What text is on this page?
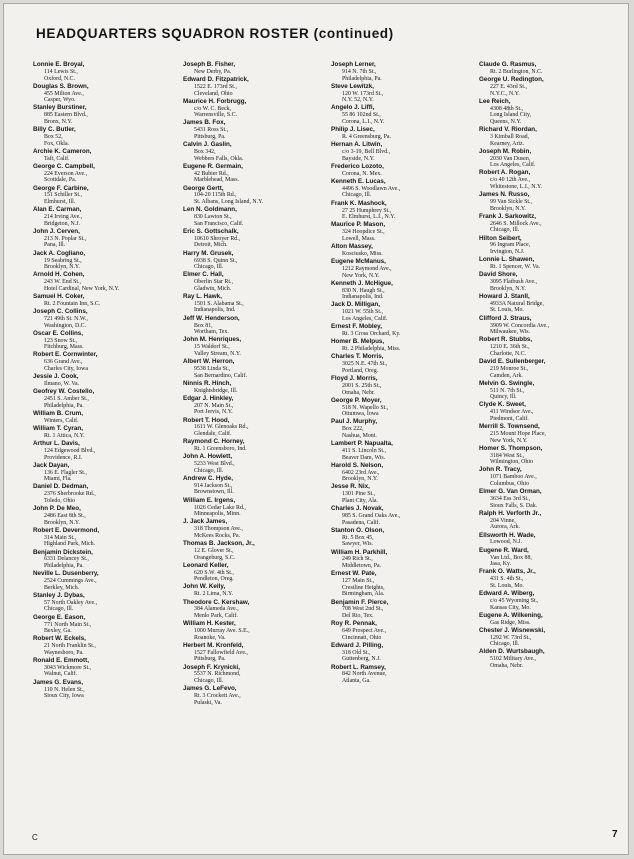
HEADQUARTERS SQUADRON ROSTER (continued)
Lonnie E. Broyal,
114 Lewis St.,
Oxford, N.C.
Douglas S. Brown,
455 Milton Ave.,
Casper, Wyo.
Stanley Burstiner,
885 Eastern Blvd.,
Bronx, N.Y.
Billy C. Butler,
Box 52,
Fox, Okla.
Archie K. Cameron,
Taft, Calif.
George C. Campbell,
224 Everson Ave.,
Scottdale, Pa.
George F. Carbine,
151 Schiller St.,
Elmhurst, Ill.
Alan E. Carman,
214 Irving Ave.,
Bridgeton, N.J.
John J. Cerven,
213 N. Poplar St.,
Pana, Ill.
Jack A. Cogliano,
19 Seabring St.,
Brooklyn, N.Y.
Arnold H. Cohen,
243 W. End St.,
Hotel Cardinal, New York, N.Y.
Samuel H. Coker,
Rt. 2 Fountain Inn, S.C.
Joseph C. Collins,
721 49th St. N.W.,
Washington, D.C.
Oscar E. Collins,
123 Snow St.,
Fitchburg, Mass.
Robert E. Cornwinter,
636 Grand Ave.,
Charles City, Iowa
Jessie J. Cook,
Ilmano, W. Va.
Geofrey W. Costello,
2451 S. Amber St.,
Philadelphia, Pa.
William B. Crum,
Winters, Calif.
William T. Cyran,
Rt. 1 Attica, N.Y.
Arthur L. Davis,
124 Edgewood Blvd.,
Providence, R.I.
Jack Dayan,
136 E. Flagler St.,
Miami, Fla.
Daniel D. Dedman,
2376 Sherbrooke Rd.,
Toledo, Ohio
John P. De Meo,
2486 East 8th St.,
Brooklyn, N.Y.
Robert E. Devermond,
314 Main St.,
Highland Park, Mich.
Benjamin Dickstein,
6331 Delancey St.,
Philadelphia, Pa.
Neville L. Dusenberry,
2524 Cummings Ave.,
Berkley, Mich.
Stanley J. Dybas,
57 North Oakley Ave.,
Chicago, Ill.
George E. Eason,
771 North Main St.,
Bexley, Ga.
Robert W. Eckels,
21 North Franklin St.,
Waynesboro, Pa.
Ronald E. Emmott,
3043 Wickmore St.,
Walnut, Calif.
James G. Evans,
110 N. Helen St.,
Sioux City, Iowa
Joseph B. Fisher,
New Derby, Pa.
Edward D. Fitzpatrick,
1522 E. 173rd St.,
Cleveland, Ohio
Maurice H. Forbrugg,
c/o W. C. Beck,
Warrensville, S.C.
James B. Fox,
5431 Ross St.,
Pittsburg, Pa.
Calvin J. Gaslin,
Box 342,
Webbers Falls, Okla.
Eugene R. Germain,
42 Bubier Rd.,
Marblehead, Mass.
George Gertt,
104-20 115th Rd.,
St. Albans, Long Island, N.Y.
Len N. Goldmann,
830 Lawton St.,
San Francisco, Calif.
Eric S. Gottschalk,
10610 Shroyer Rd.,
Detroit, Mich.
Harry M. Grusek,
6938 S. Quinn St.,
Chicago, Ill.
Elmer C. Hall,
Oberlin Star Rt.,
Gladwin, Mich.
Ray L. Hawk,
1501 S. Alabama St.,
Indianapolis, Ind.
Jeff W. Henderson,
Box 81,
Wortham, Tex.
John M. Henriques,
15 Waldorf St.,
Valley Stream, N.Y.
Albert W. Herron,
9538 Linda St.,
San Bernardino, Calif.
Ninnis R. Hinch,
Knightsbridge, Ill.
Edgar J. Hinkley,
207 N. Main St.,
Port Jervis, N.Y.
Robert T. Hood,
1611 W. Glenoaks Rd.,
Glendale, Calif.
Raymond C. Horney,
Rt. 1 Greensboro, Ind.
John A. Howlett,
5233 West Blvd.,
Chicago, Ill.
Andrew C. Hyde,
914 Jackson St.,
Brownstown, Ill.
William E. Irgens,
1026 Cedar Lake Rd.,
Minneapolis, Minn.
J. Jack James,
318 Thompson Ave.,
McKees Rocks, Pa.
Thomas B. Jackson, Jr.,
12 E. Glover St.,
Orangeburg, S.C.
Leonard Keller,
620 S.W. 4th St.,
Pendleton, Oreg.
John W. Kelly,
Rt. 2 Lima, N.Y.
Theodore C. Kershaw,
384 Alameda Ave.,
Menlo Park, Calif.
William H. Kester,
1000 Murray Ave. S.E.,
Roanoke, Va.
Herbert M. Kronfeld,
1527 Fallowfield Ave.,
Pittsburg, Pa.
Joseph F. Krynicki,
5537 N. Richmond,
Chicago, Ill.
James G. LeFevo,
Rt. 3 Crockett Ave.,
Pulaski, Va.
Joseph Lerner,
914 N. 7th St.,
Philadelphia, Pa.
Steve Lewitzk,
120 W. 173rd St.,
N.Y. 52, N.Y.
Angelo J. Liffi,
55 86 102nd St.,
Corona, L.I., N.Y.
Philip J. Lisec,
R. 4 Greensburg, Pa.
Hernan A. Litwin,
c/o 3-19, Bell Blvd.,
Bayside, N.Y.
Frederico Lozoto,
Corona, N. Mex.
Kenneth E. Lucas,
4496 S. Woodlawn Ave.,
Chicago, Ill.
Frank K. Mashock,
27 25 Humphrey St.,
E. Elmhurst, L.I., N.Y.
Maurice P. Mason,
324 Hoopdice St.,
Lowell, Mass.
Alton Massey,
Kosciusko, Miss.
Eugene McManus,
1212 Raymond Ave.,
New York, N.Y.
Kenneth J. McHigue,
830 N. Haugh St.,
Indianapolis, Ind.
Jack D. Milligan,
1021 W. 55th St.,
Los Angeles, Calif.
Ernest F. Mobley,
Rt. 3 Cross Orchard, Ky.
Homer B. Melpus,
Rt. 2 Philadelphia, Miss.
Charles T. Morris,
3025 N.E. 47th St.,
Portland, Oreg.
Floyd J. Morris,
2001 S. 25th St.,
Omaha, Nebr.
George P. Moyer,
518 N. Wapello St.,
Ottumwa, Iowa
Paul J. Murphy,
Box 222,
Nashua, Mont.
Lambert P. Napualta,
411 S. Lincoln St.,
Beaver Dam, Wis.
Harold S. Nelson,
6402 23rd Ave.,
Brooklyn, N.Y.
Jesse R. Nix,
1301 Pine St.,
Plant City, Ala.
Charles J. Novak,
985 S. Grand Oaks Ave.,
Pasadena, Calif.
Stanton O. Olson,
Rt. 5 Box 45,
Sawyer, Wis.
William H. Parkhill,
249 Rich St.,
Middletown, Pa.
Ernest W. Pate,
127 Main St.,
Crestline Heights,
Birmingham, Ala.
Benjamin F. Pierce,
708 West 2nd St.,
Del Rio, Tex.
Roy R. Pennak,
649 Prospect Ave.,
Cincinnati, Ohio
Edward J. Pilling,
318 Old St.,
Guttenberg, N.J.
Robert L. Ramsey,
842 North Avenue,
Atlanta, Ga.
Claude G. Rasmus,
Rt. 2 Burlington, N.C.
George U. Redington,
227 E. 43rd St.,
N.Y.C., N.Y.
Lee Reich,
4308 48th St.,
Long Island City,
Queens, N.Y.
Richard V. Riordan,
3 Kimball Road,
Kearney, Ariz.
Joseph M. Robin,
2030 Van Dusen,
Los Angeles, Calif.
Robert A. Rogan,
c/o 40 12th Ave.,
Whitestone, L.I., N.Y.
James N. Russo,
99 Van Sickle St.,
Brooklyn, N.Y.
Frank J. Sarkowitz,
2646 S. Millock Ave.,
Chicago, Ill.
Hilton Seibert,
96 Ingram Place,
Irvington, N.J.
Lonnie L. Shawen,
Rt. 1 Spencer, W. Va.
David Shore,
3095 Flatbush Ave.,
Brooklyn, N.Y.
Howard J. Stanll,
4933A Natural Bridge,
St. Louis, Mo.
Clifford J. Straus,
3909 W. Concordia Ave.,
Milwaukee, Wis.
Robert R. Stubbs,
1210 E. 36th St.,
Charlotte, N.C.
David E. Sullenberger,
219 Monroe St.,
Camden, Ark.
Melvin G. Swingle,
511 N. 7th St.,
Quincy, Ill.
Clyde K. Sweet,
411 Windsor Ave.,
Piedmont, Calif.
Merrill S. Townsend,
215 Mount Hope Place,
New York, N.Y.
Homer S. Thompson,
3184 West St.,
Wilmington, Ohio
John R. Tracy,
1071 Bamboo Ave.,
Columbus, Ohio
Elmer G. Van Orman,
3634 Ess 3rd St.,
Sioux Falls, S. Dak.
Ralph H. Verforth Jr.,
204 Vinne,
Aurora, Ark.
Ellsworth H. Wade,
Lowood, N.J.
Eugene R. Ward,
Van Ltd., Box 88,
Jasa, Ky.
Frank O. Watts, Jr.,
431 S. 4th St.,
St. Louis, Mo.
Edward A. Wiberg,
c/o 45 Wyoming St.,
Kansas City, Mo.
Eugene A. Wilkening,
Gas Ridge, Miss.
Chester J. Wisnewski,
1292 W. 73rd St.,
Chicago, Ill.
Alden D. Wurtsbaugh,
5102 Military Ave.,
Omaha, Nebr.
C	7
